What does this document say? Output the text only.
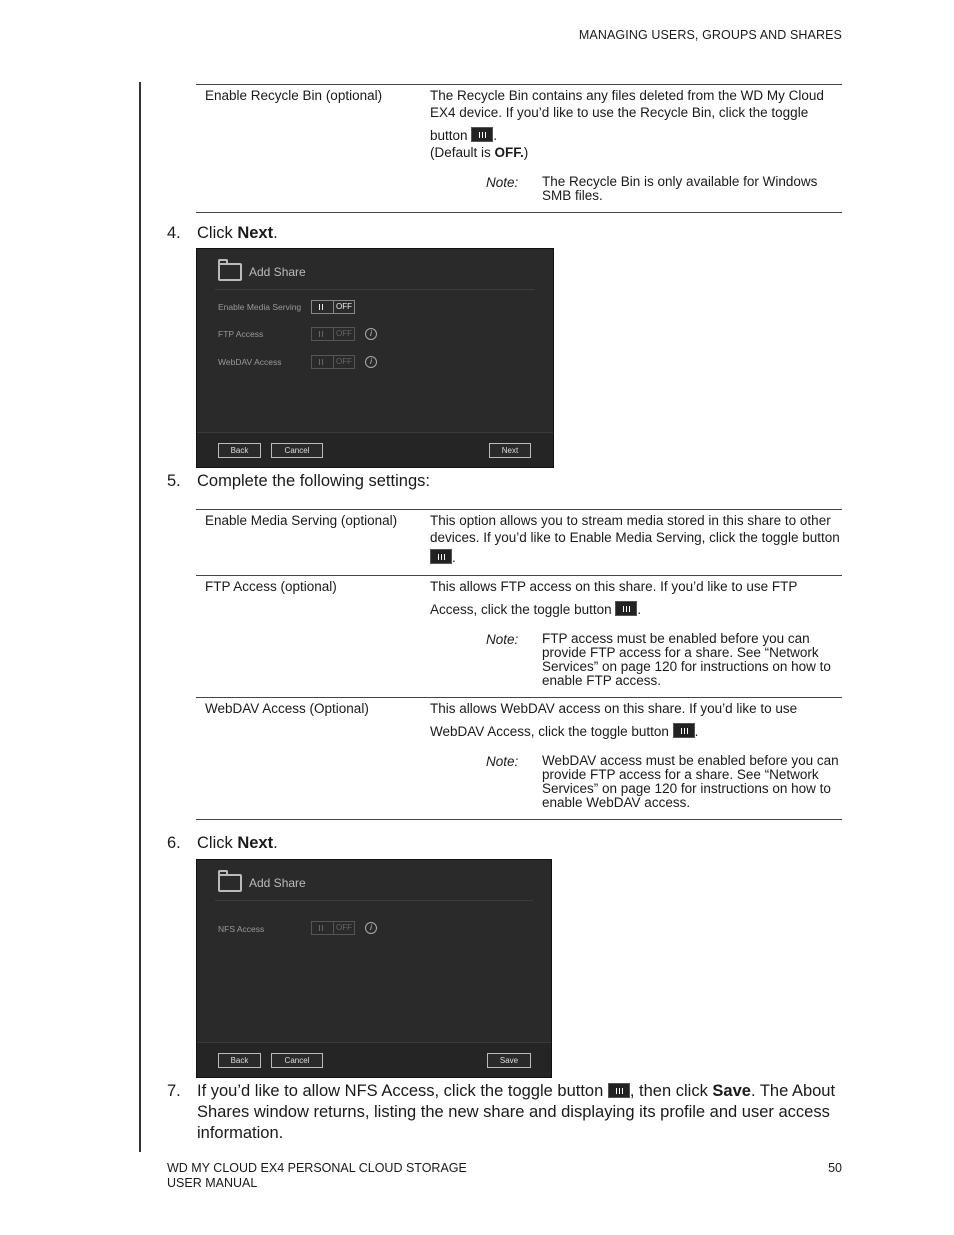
MANAGING USERS, GROUPS AND SHARES
Enable Recycle Bin (optional)	The Recycle Bin contains any files deleted from the WD My Cloud
EX4 device. If you’d like to use the Recycle Bin, click the toggle
button .
(Default is OFF.)
Note: The Recycle Bin is only available for Windows SMB files.
4. Click Next.
Add Share
Enable Media Serving	OFF
FTP Access	OFF	i
WebDAV Access	OFF	i
Back	Cancel	Next
5. Complete the following settings:
Enable Media Serving (optional)	This option allows you to stream media stored in this share to other
devices. If you’d like to Enable Media Serving, click the toggle button
.
FTP Access (optional)	This allows FTP access on this share. If you’d like to use FTP
Access, click the toggle button .
Note: FTP access must be enabled before you can provide FTP access for a share. See “Network Services” on page 120 for instructions on how to enable FTP access.
WebDAV Access (Optional)	This allows WebDAV access on this share. If you’d like to use
WebDAV Access, click the toggle button .
Note: WebDAV access must be enabled before you can provide FTP access for a share. See “Network Services” on page 120 for instructions on how to enable WebDAV access.
6. Click Next.
Add Share
NFS Access	OFF	i
Back	Cancel	Save
7. If you’d like to allow NFS Access, click the toggle button , then click Save. The About
Shares window returns, listing the new share and displaying its profile and user access
information.
WD MY CLOUD EX4 PERSONAL CLOUD STORAGE
USER MANUAL
50
